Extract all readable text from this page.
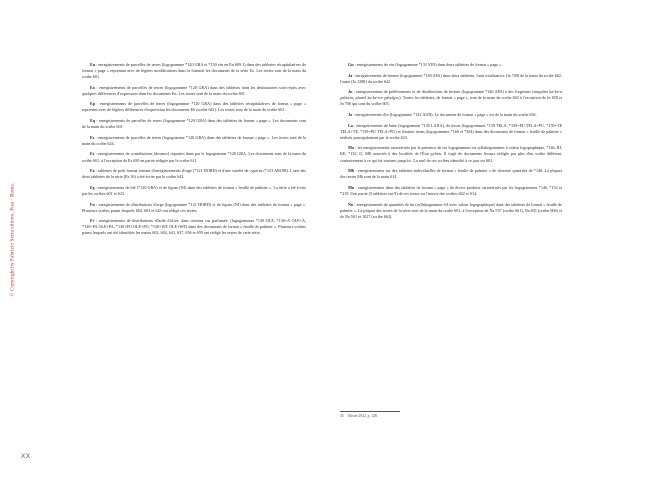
© Copyright by Fabrizio Serra editore, Pisa · Roma.

En : enregistrements de parcelles de terres (logogramme *120 GRA et *130 vin en En 609.1) dans des tablettes récapitulatives de format « page » reprenant avec de légères modifications dans la formule les documents de la série Eo. Les textes sont de la main du scribe 601.

Eo : enregistrements de parcelles de terres (logogramme *120 GRA) dans des tablettes dont les destinataires sont repris avec quelques différences d'expression dans les documents En. Les textes sont de la main du scribe 601.

Ep : enregistrements de parcelles de terres (logogramme *120 GRA) dans des tablettes récapitulatives de format « page » reprenant avec de légères différences d'expression les documents Eb (scribe 641). Les textes sont de la main du scribe 601.

Eq : enregistrements de parcelles de terres (logogramme *120 GRA) dans des tablettes de format « page ». Les documents sont de la main du scribe 601.

Er : enregistrements de parcelles de terres (logogramme *120 GRA) dans des tablettes de format « page ». Les textes sont de la main du scribe 624.

Es : enregistrements de contributions (dosmos) reparties dans par le logogramme *120 GRA. Les documents sont de la main du scribe 601, à l'exception de Es 650 en partie rédigée par le scribe 611.

Fa : tablettes de petit format traitant d'enregistrements d'orge (*121 HORD) et d'une variété de cyperus (*123 AROM). L'une des deux tablettes de la série (Fa 16) a été écrite par le scribe 642.

Fg : enregistrements de blé (*120 GRA) et de figues (NI) dans des tablettes de format « feuille de palmier ». La série a été écrite par les scribes 601 et 623.

Fn : enregistrements de distributions d'orge (logogramme *121 HORD) et de figues (NI) dans des tablettes de format « page ». Plusieurs scribes parmi lesquels 602, 603 et 643 ont rédigé ces textes.

Fr : enregistrements de distributions d'huile d'olive, dans certains cas parfumée, (logogrammes *130 OLE, *130+A OLE+A, *130+PA OLE+PA, *130+PO OLE+PO, *130+WE OLE+WE) dans des documents de format « feuille de palmier ». Plusieurs scribes parmi lesquels ont été identifiés les mains 602, 604, 641, 637, 656 et 659 ont rédigé les textes de cette série.

Gn : enregistrements de vin (logogramme *131 VIN) dans deux tablettes de format « page ».

Ja : enregistrements de bronze (logogramme *140 AES) dans deux tablettes, l'une totalisatrice (Ja 749) de la main du scribe 602, l'autre (Ja 1288) du scribe 642.

Jn : enregistrements de prélèvements et de distributions de bronze (logogramme *140 AES) à des forgerons (singulier ka-ke-u χαλκεύς, pluriel ka-ke-we χαλκῆϝες). Toutes les tablettes, de format « page », sont de la main du scribe 602 à l'exception de Jn 658 et Jn 706 qui sont du scribe 603.

Jo : enregistrements d'or (logogramme *141 AUR). Le document de format « page » est de la main du scribe 602.

La : enregistrements de laine (logogramme *145 LANA), de tissus (logogrammes *159 TELA, *159+PU TELA+PU, *159+TE TELA+TE, *159+PU TELA+PU) et d'autres items (logogrammes *166 et *204) dans des documents de format « feuille de palmier » réalisés principalement par le scribe 623.

Ma : les enregistrements caractérisés par la présence de six logogrammes ou syllabogrammes à valeur logographique, *146, RI, KE, *152, O, ME associés à des localités de l'État pylien. Il s'agit de documents fiscaux rédigés par plus d'un scribe différent, contrairement à ce qui fut soutenu jusqu'ici. La seul de ces scribes identifié à ce jour est 602.

Mb : enregistrements sur des tablettes individuelles de format « feuille de palmier » de diverses quantités de *146. La plupart des textes Mb sont de la main 614.

Mn : enregistrements dans des tablettes de format « page » de divers produits caractérisés par les logogrammes *146, *152 et *219. Une partie (5 tablettes sur 9) de ces textes est l'œuvre des scribes 602 et 614.

Nn : enregistrements de quantités de lin (syllabogramme SA avec valeur logographique) dans des tablettes de format « feuille de palmier ». La plupart des textes de la série sont de la main du scribe 601, à l'exception de Na 537 (scribe 661), Na 841 (scribe 606) et de Na 561 et 1027 (scribe 662).

35 Olivier 2012, p. 128.
XX
